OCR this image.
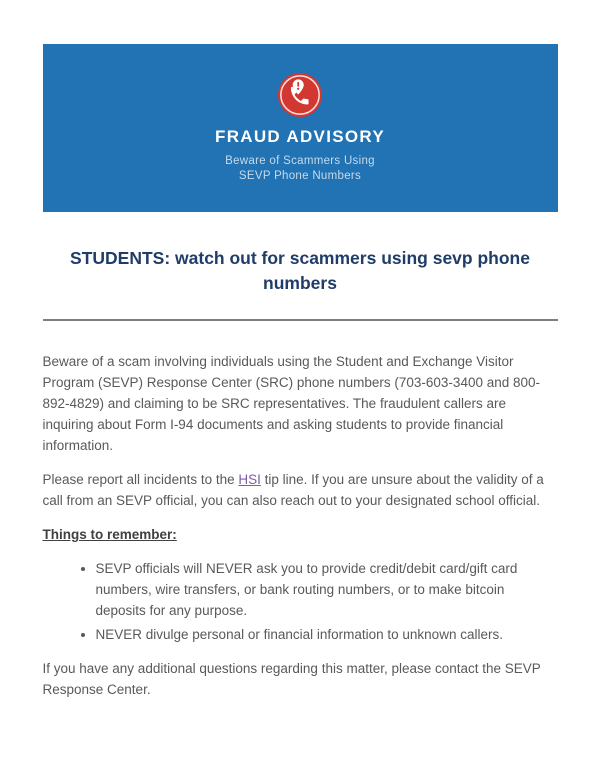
FRAUD ADVISORY
Beware of Scammers Using
SEVP Phone Numbers
STUDENTS: watch out for scammers using sevp phone numbers

Beware of a scam involving individuals using the Student and Exchange Visitor Program (SEVP) Response Center (SRC) phone numbers (703-603-3400 and 800-892-4829) and claiming to be SRC representatives. The fraudulent callers are inquiring about Form I-94 documents and asking students to provide financial information.

Please report all incidents to the HSI tip line. If you are unsure about the validity of a call from an SEVP official, you can also reach out to your designated school official.

Things to remember:

• SEVP officials will NEVER ask you to provide credit/debit card/gift card numbers, wire transfers, or bank routing numbers, or to make bitcoin deposits for any purpose.
• NEVER divulge personal or financial information to unknown callers.

If you have any additional questions regarding this matter, please contact the SEVP Response Center.
